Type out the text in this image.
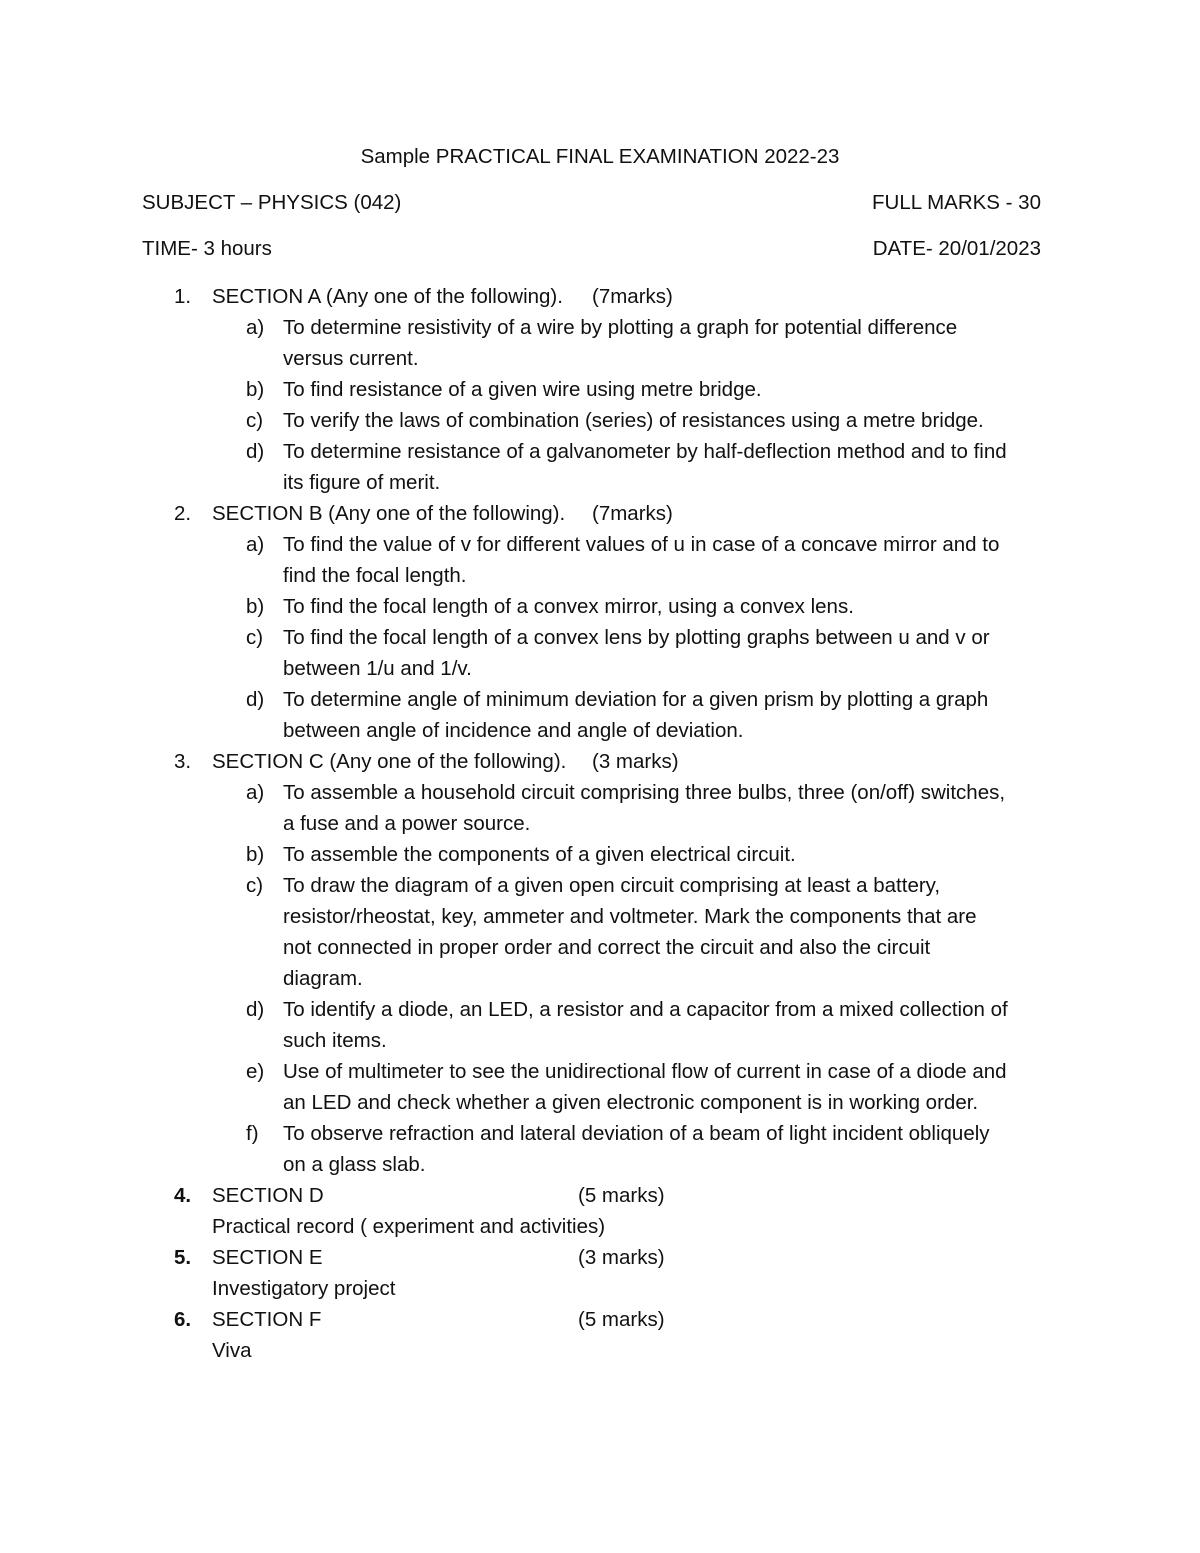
Sample PRACTICAL FINAL EXAMINATION 2022-23
SUBJECT – PHYSICS (042)	FULL MARKS - 30
TIME- 3 hours	DATE- 20/01/2023
1. SECTION A (Any one of the following). (7marks)
a) To determine resistivity of a wire by plotting a graph for potential difference
versus current.
b) To find resistance of a given wire using metre bridge.
c) To verify the laws of combination (series) of resistances using a metre bridge.
d) To determine resistance of a galvanometer by half-deflection method and to find
its figure of merit.
2. SECTION B (Any one of the following). (7marks)
a) To find the value of v for different values of u in case of a concave mirror and to
find the focal length.
b) To find the focal length of a convex mirror, using a convex lens.
c) To find the focal length of a convex lens by plotting graphs between u and v or
between 1/u and 1/v.
d) To determine angle of minimum deviation for a given prism by plotting a graph
between angle of incidence and angle of deviation.
3. SECTION C (Any one of the following). (3 marks)
a) To assemble a household circuit comprising three bulbs, three (on/off) switches,
a fuse and a power source.
b) To assemble the components of a given electrical circuit.
c) To draw the diagram of a given open circuit comprising at least a battery,
resistor/rheostat, key, ammeter and voltmeter. Mark the components that are
not connected in proper order and correct the circuit and also the circuit
diagram.
d) To identify a diode, an LED, a resistor and a capacitor from a mixed collection of
such items.
e) Use of multimeter to see the unidirectional flow of current in case of a diode and
an LED and check whether a given electronic component is in working order.
f) To observe refraction and lateral deviation of a beam of light incident obliquely
on a glass slab.
4. SECTION D	(5 marks)
Practical record ( experiment and activities)
5. SECTION E	(3 marks)
Investigatory project
6. SECTION F	(5 marks)
Viva
